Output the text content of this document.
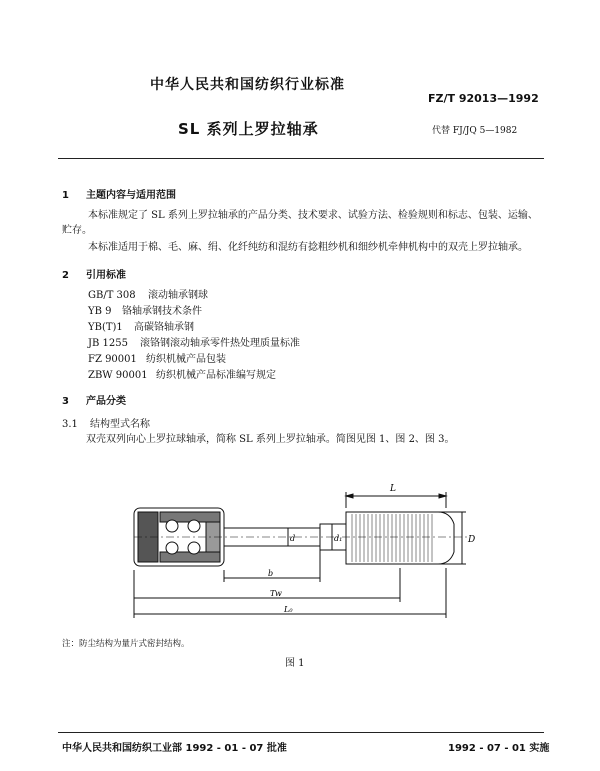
中华人民共和国纺织行业标准
FZ/T 92013—1992
SL 系列上罗拉轴承	代替 FJ/JQ 5—1982
1 主题内容与适用范围
本标准规定了 SL 系列上罗拉轴承的产品分类、技术要求、试验方法、检验规则和标志、包装、运输、
贮存。
本标准适用于棉、毛、麻、绢、化纤纯纺和混纺有捻粗纱机和细纱机牵伸机构中的双壳上罗拉轴承。
2 引用标准
GB/T 308 滚动轴承钢球
YB 9 铬轴承钢技术条件
YB(T)1 高碳铬轴承钢
JB 1255 滚铬钢滚动轴承零件热处理质量标准
FZ 90001 纺织机械产品包装
ZBW 90001 纺织机械产品标准编写规定
3 产品分类
3.1 结构型式名称
双壳双列向心上罗拉球轴承，简称 SL 系列上罗拉轴承。简图见图 1、图 2、图 3。
L
D
d	d₁
b
Tw
L₀
注：防尘结构为量片式密封结构。
图 1
中华人民共和国纺织工业部 1992 - 01 - 07 批准	1992 - 07 - 01 实施
